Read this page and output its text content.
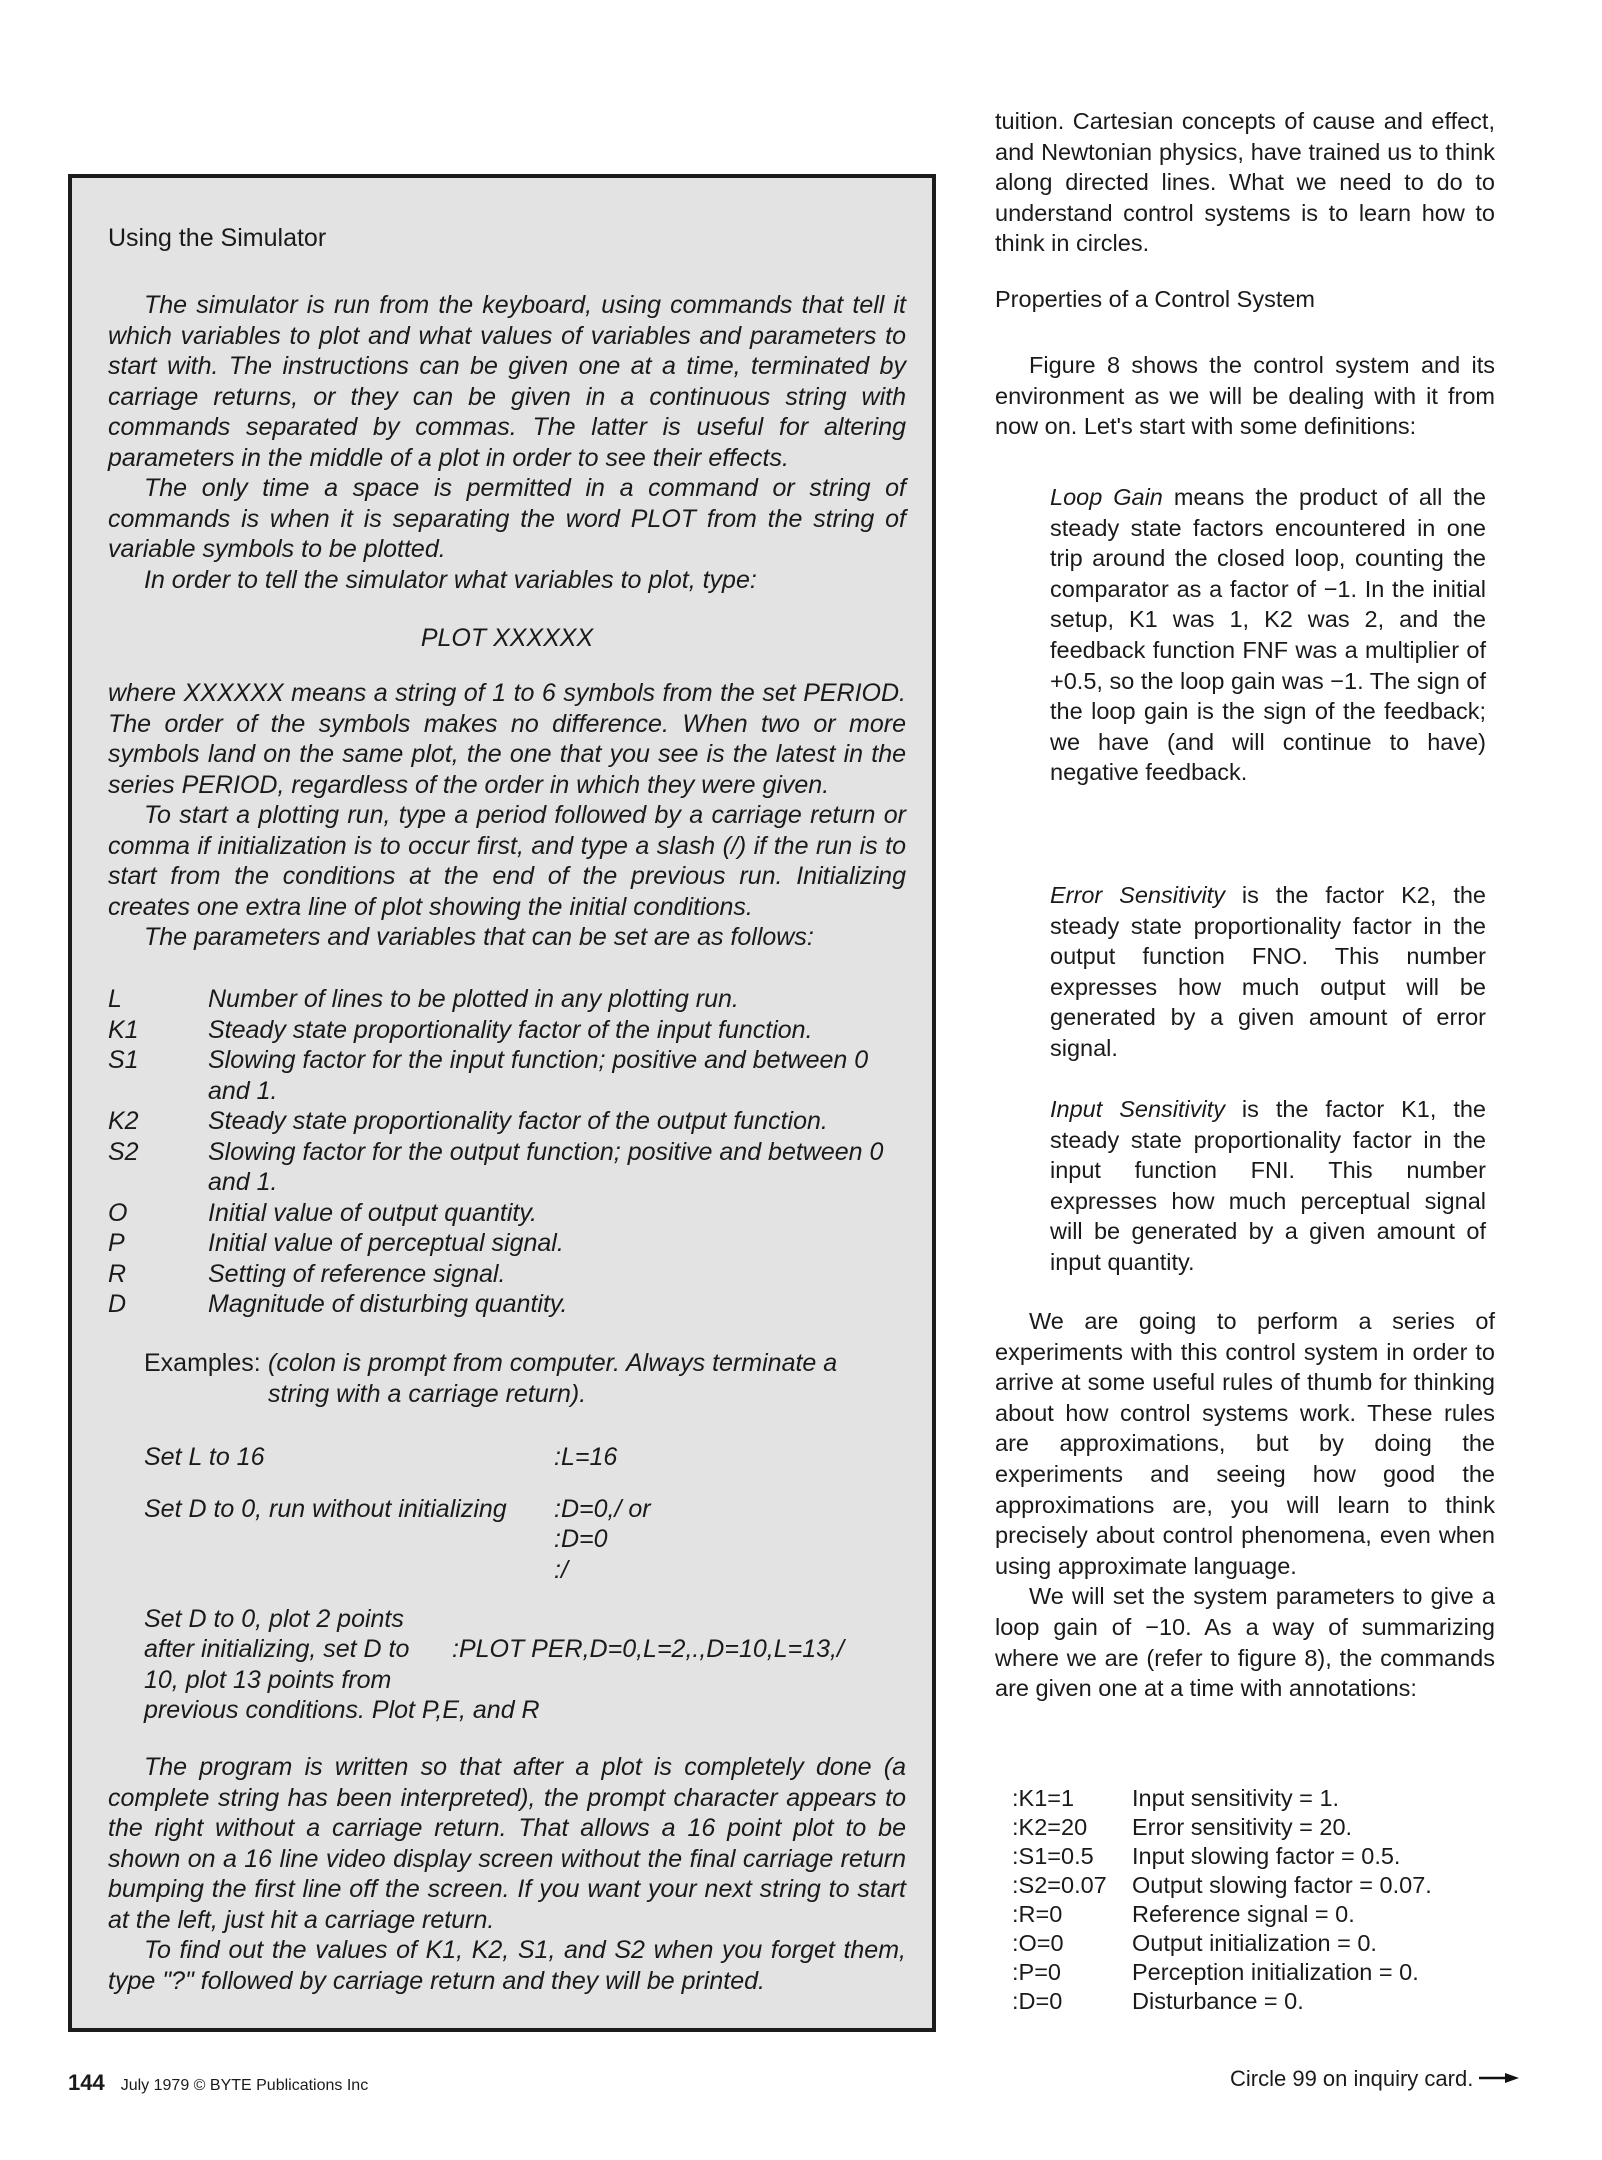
Using the Simulator

The simulator is run from the keyboard, using commands that tell it which variables to plot and what values of variables and parameters to start with. The instructions can be given one at a time, terminated by carriage returns, or they can be given in a continuous string with commands separated by commas. The latter is useful for altering parameters in the middle of a plot in order to see their effects.

The only time a space is permitted in a command or string of commands is when it is separating the word PLOT from the string of variable symbols to be plotted.

In order to tell the simulator what variables to plot, type:

PLOT XXXXXX

where XXXXXX means a string of 1 to 6 symbols from the set PERIOD. The order of the symbols makes no difference. When two or more symbols land on the same plot, the one that you see is the latest in the series PERIOD, regardless of the order in which they were given.

To start a plotting run, type a period followed by a carriage return or comma if initialization is to occur first, and type a slash (/) if the run is to start from the conditions at the end of the previous run. Initializing creates one extra line of plot showing the initial conditions.

The parameters and variables that can be set are as follows:

L	Number of lines to be plotted in any plotting run.
K1	Steady state proportionality factor of the input function.
S1	Slowing factor for the input function; positive and between 0 and 1.
K2	Steady state proportionality factor of the output function.
S2	Slowing factor for the output function; positive and between 0 and 1.
O	Initial value of output quantity.
P	Initial value of perceptual signal.
R	Setting of reference signal.
D	Magnitude of disturbing quantity.
Examples: (colon is prompt from computer. Always terminate a string with a carriage return).
Set L to 16	:L=16
Set D to 0, run without initializing :D=0,/ or
:D=0
:/
Set D to 0, plot 2 points
after initializing, set D to
10, plot 13 points from
previous conditions. Plot P,E, and R
:PLOT PER,D=0,L=2,.,D=10,L=13,/

The program is written so that after a plot is completely done (a complete string has been interpreted), the prompt character appears to the right without a carriage return. That allows a 16 point plot to be shown on a 16 line video display screen without the final carriage return bumping the first line off the screen. If you want your next string to start at the left, just hit a carriage return.

To find out the values of K1, K2, S1, and S2 when you forget them, type "?" followed by carriage return and they will be printed.

tuition. Cartesian concepts of cause and effect, and Newtonian physics, have trained us to think along directed lines. What we need to do to understand control systems is to learn how to think in circles.

Properties of a Control System

Figure 8 shows the control system and its environment as we will be dealing with it from now on. Let's start with some definitions:

Loop Gain means the product of all the steady state factors encountered in one trip around the closed loop, counting the comparator as a factor of −1. In the initial setup, K1 was 1, K2 was 2, and the feedback function FNF was a multiplier of +0.5, so the loop gain was −1. The sign of the loop gain is the sign of the feedback; we have (and will continue to have) negative feedback.

Error Sensitivity is the factor K2, the steady state proportionality factor in the output function FNO. This number expresses how much output will be generated by a given amount of error signal.

Input Sensitivity is the factor K1, the steady state proportionality factor in the input function FNI. This number expresses how much perceptual signal will be generated by a given amount of input quantity.

We are going to perform a series of experiments with this control system in order to arrive at some useful rules of thumb for thinking about how control systems work. These rules are approximations, but by doing the experiments and seeing how good the approximations are, you will learn to think precisely about control phenomena, even when using approximate language.

We will set the system parameters to give a loop gain of −10. As a way of summarizing where we are (refer to figure 8), the commands are given one at a time with annotations:

:K1=1 Input sensitivity = 1.
:K2=20 Error sensitivity = 20.
:S1=0.5 Input slowing factor = 0.5.
:S2=0.07 Output slowing factor = 0.07.
:R=0	Reference signal = 0.
:O=0	Output initialization = 0.
:P=0	Perception initialization = 0.
:D=0	Disturbance = 0.
144 July 1979 © BYTE Publications Inc	Circle 99 on inquiry card.
